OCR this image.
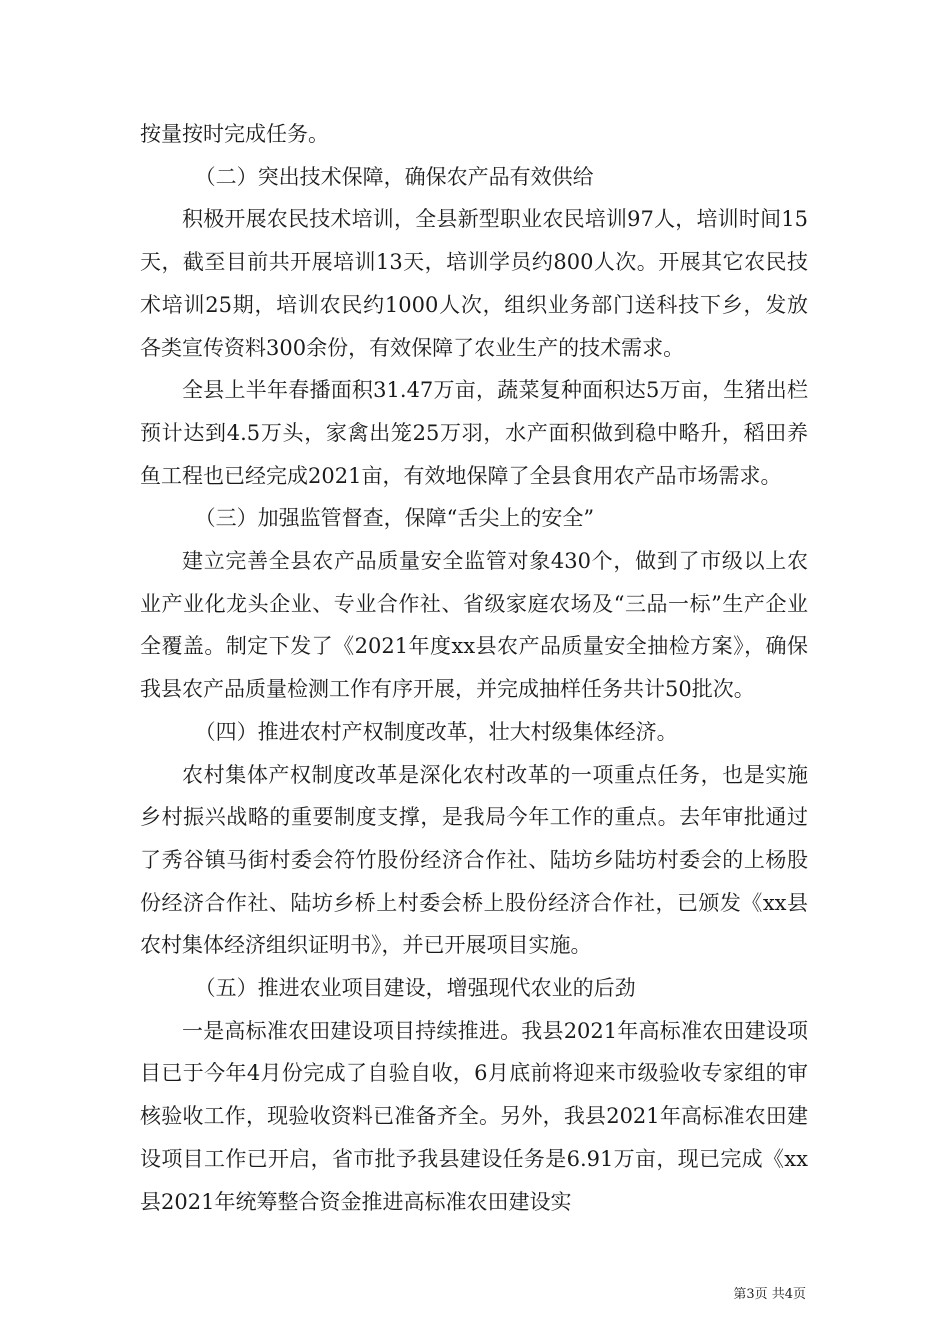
按量按时完成任务。

（二）突出技术保障，确保农产品有效供给

积极开展农民技术培训，全县新型职业农民培训97人，培训时间15天，截至目前共开展培训13天，培训学员约800人次。开展其它农民技术培训25期，培训农民约1000人次，组织业务部门送科技下乡，发放各类宣传资料300余份，有效保障了农业生产的技术需求。

全县上半年春播面积31.47万亩，蔬菜复种面积达5万亩，生猪出栏预计达到4.5万头，家禽出笼25万羽，水产面积做到稳中略升，稻田养鱼工程也已经完成2021亩，有效地保障了全县食用农产品市场需求。

（三）加强监管督查，保障“舌尖上的安全”

建立完善全县农产品质量安全监管对象430个，做到了市级以上农业产业化龙头企业、专业合作社、省级家庭农场及“三品一标”生产企业全覆盖。制定下发了《2021年度xx县农产品质量安全抽检方案》，确保我县农产品质量检测工作有序开展，并完成抽样任务共计50批次。

（四）推进农村产权制度改革，壮大村级集体经济。

农村集体产权制度改革是深化农村改革的一项重点任务，也是实施乡村振兴战略的重要制度支撑，是我局今年工作的重点。去年审批通过了秀谷镇马街村委会符竹股份经济合作社、陆坊乡陆坊村委会的上杨股份经济合作社、陆坊乡桥上村委会桥上股份经济合作社，已颁发《xx县农村集体经济组织证明书》，并已开展项目实施。

（五）推进农业项目建设，增强现代农业的后劲

一是高标准农田建设项目持续推进。我县2021年高标准农田建设项目已于今年4月份完成了自验自收，6月底前将迎来市级验收专家组的审核验收工作，现验收资料已准备齐全。另外，我县2021年高标准农田建设项目工作已开启，省市批予我县建设任务是6.91万亩，现已完成《xx县2021年统筹整合资金推进高标准农田建设实

第3页 共4页
